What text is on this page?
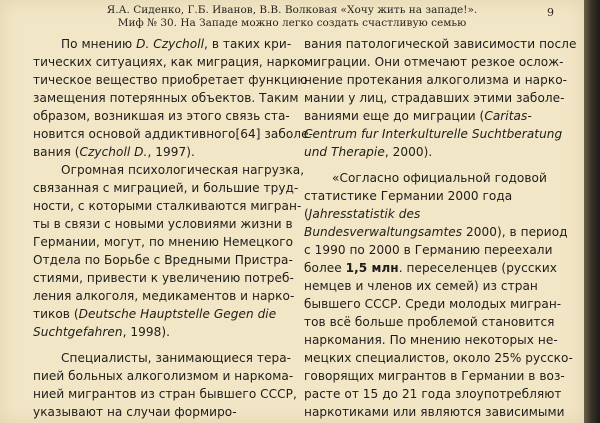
Я.А. Сиденко, Г.Б. Иванов, В.В. Волковая «Хочу жить на западе!».
Миф № 30. На Западе можно легко создать счастливую семью
9
По мнению D. Czycholl, в таких кри-
тических ситуациях, как миграция, нарко-
тическое вещество приобретает функцию
замещения потерянных объектов. Таким
образом, возникшая из этого связь ста-
новится основой аддиктивного[64] заболе-
вания (Czycholl D., 1997).
Огромная психологическая нагрузка,
связанная с миграцией, и большие труд-
ности, с которыми сталкиваются мигран-
ты в связи с новыми условиями жизни в
Германии, могут, по мнению Немецкого
Отдела по Борьбе с Вредными Пристра-
стиями, привести к увеличению потреб-
ления алкоголя, медикаментов и нарко-
тиков (Deutsche Hauptstelle Gegen die
Suchtgefahren, 1998).
Специалисты, занимающиеся тера-
пией больных алкоголизмом и наркома-
нией мигрантов из стран бывшего СССР,
указывают на случаи формиро-
вания патологической зависимости после
миграции. Они отмечают резкое ослож-
нение протекания алкоголизма и нарко-
мании у лиц, страдавших этими заболе-
ваниями еще до миграции (Caritas-
Centrum fur Interkulturelle Suchtberatung
und Therapie, 2000).
«Согласно официальной годовой
статистике Германии 2000 года
(Jahresstatistik des
Bundesverwaltungsamtes 2000), в период
с 1990 по 2000 в Германию переехали
более 1,5 млн. переселенцев (русских
немцев и членов их семей) из стран
бывшего СССР. Среди молодых мигран-
тов всё больше проблемой становится
наркомания. По мнению некоторых не-
мецких специалистов, около 25% русско-
говорящих мигрантов в Германии в воз-
расте от 15 до 21 года злоупотребляют
наркотиками или являются зависимыми
